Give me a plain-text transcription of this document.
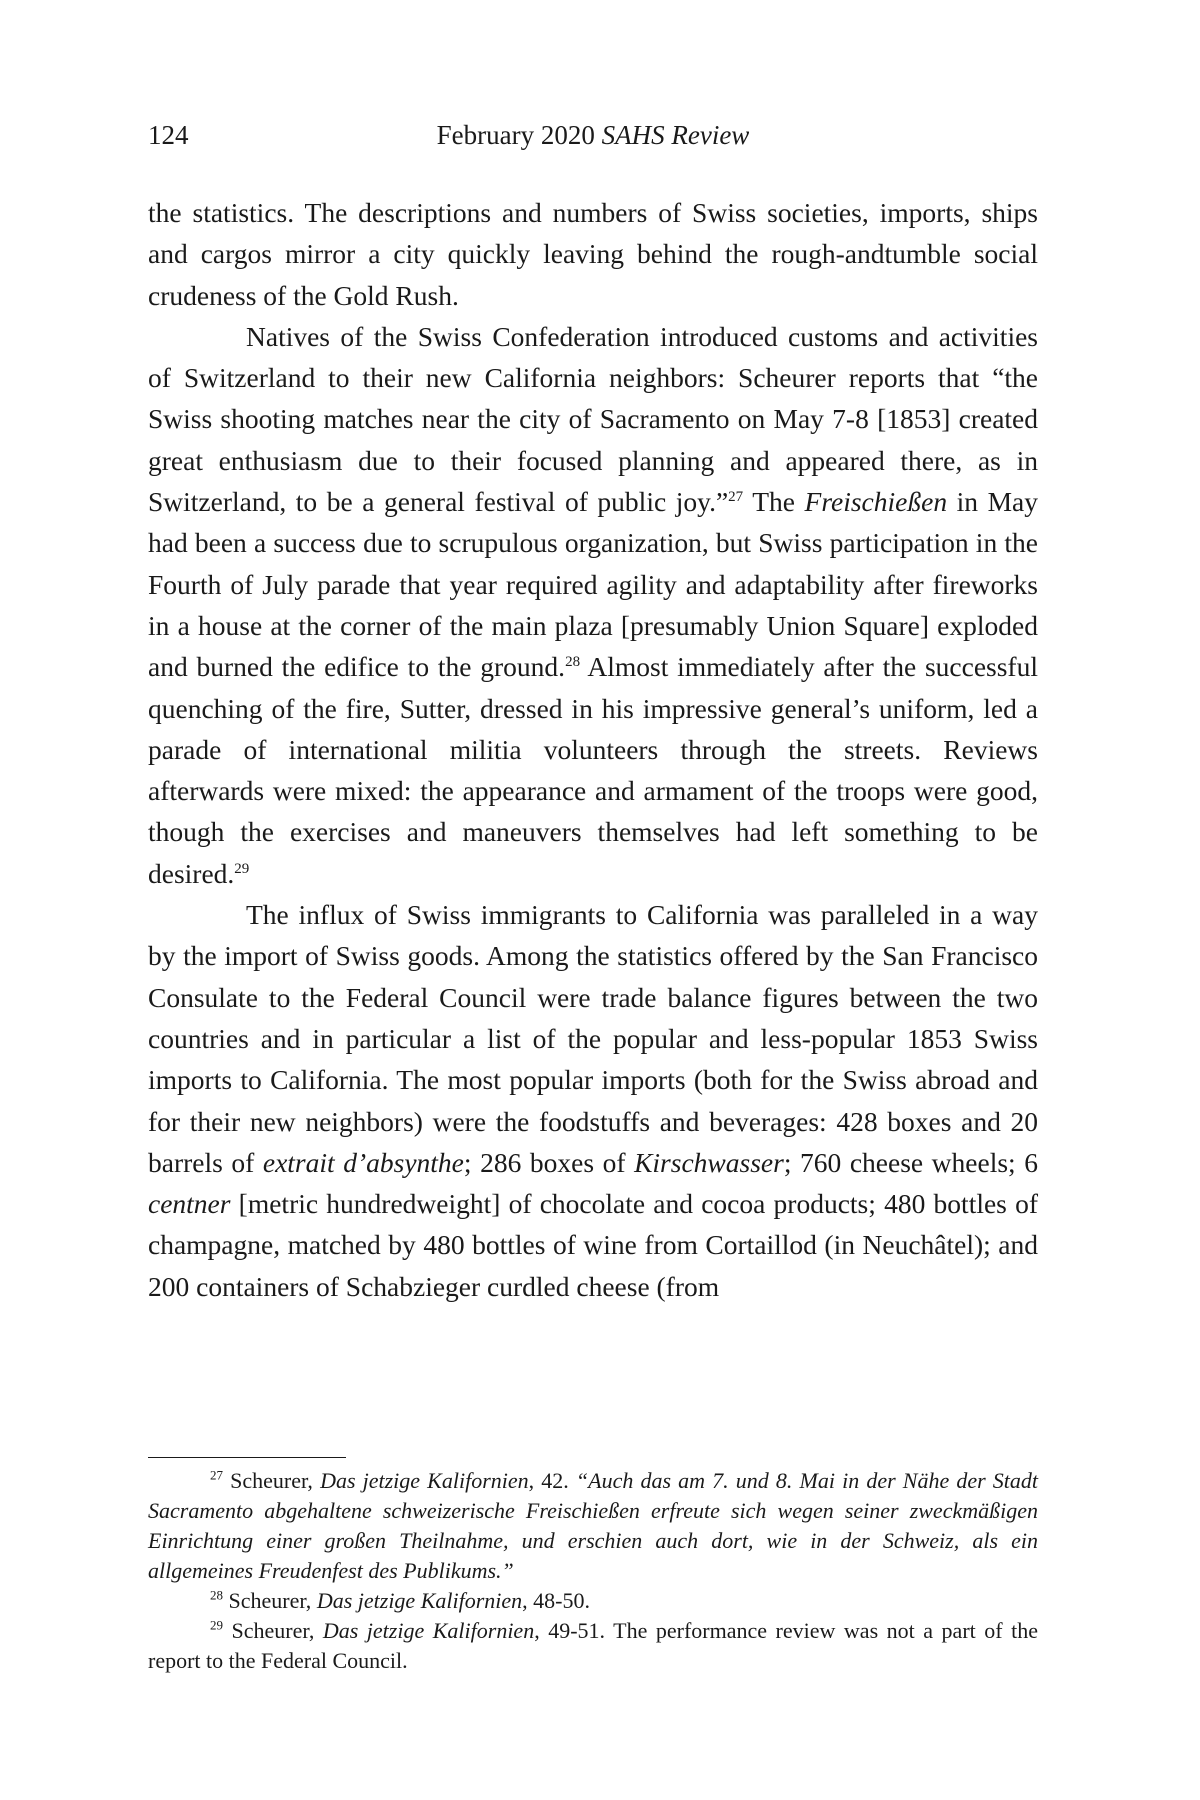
124	February 2020 SAHS Review

the statistics. The descriptions and numbers of Swiss societies, imports, ships and cargos mirror a city quickly leaving behind the rough-andtumble social crudeness of the Gold Rush.

Natives of the Swiss Confederation introduced customs and activities of Switzerland to their new California neighbors: Scheurer reports that “the Swiss shooting matches near the city of Sacramento on May 7-8 [1853] created great enthusiasm due to their focused planning and appeared there, as in Switzerland, to be a general festival of public joy.”$^{27}$ The Freischießen in May had been a success due to scrupulous organization, but Swiss participation in the Fourth of July parade that year required agility and adaptability after fireworks in a house at the corner of the main plaza [presumably Union Square] exploded and burned the edifice to the ground.$^{28}$ Almost immediately after the successful quenching of the fire, Sutter, dressed in his impressive general’s uniform, led a parade of international militia volunteers through the streets. Reviews afterwards were mixed: the appearance and armament of the troops were good, though the exercises and maneuvers themselves had left something to be desired.$^{29}$

The influx of Swiss immigrants to California was paralleled in a way by the import of Swiss goods. Among the statistics offered by the San Francisco Consulate to the Federal Council were trade balance figures between the two countries and in particular a list of the popular and less-popular 1853 Swiss imports to California. The most popular imports (both for the Swiss abroad and for their new neighbors) were the foodstuffs and beverages: 428 boxes and 20 barrels of extrait d’absynthe; 286 boxes of Kirschwasser; 760 cheese wheels; 6 centner [metric hundredweight] of chocolate and cocoa products; 480 bottles of champagne, matched by 480 bottles of wine from Cortaillod (in Neuchâtel); and 200 containers of Schabzieger curdled cheese (from

$^{27}$ Scheurer, Das jetzige Kalifornien, 42. “Auch das am 7. und 8. Mai in der Nähe der Stadt Sacramento abgehaltene schweizerische Freischießen erfreute sich wegen seiner zweckmäßigen Einrichtung einer großen Theilnahme, und erschien auch dort, wie in der Schweiz, als ein allgemeines Freudenfest des Publikums.”

$^{28}$ Scheurer, Das jetzige Kalifornien, 48-50.

$^{29}$ Scheurer, Das jetzige Kalifornien, 49-51. The performance review was not a part of the report to the Federal Council.
